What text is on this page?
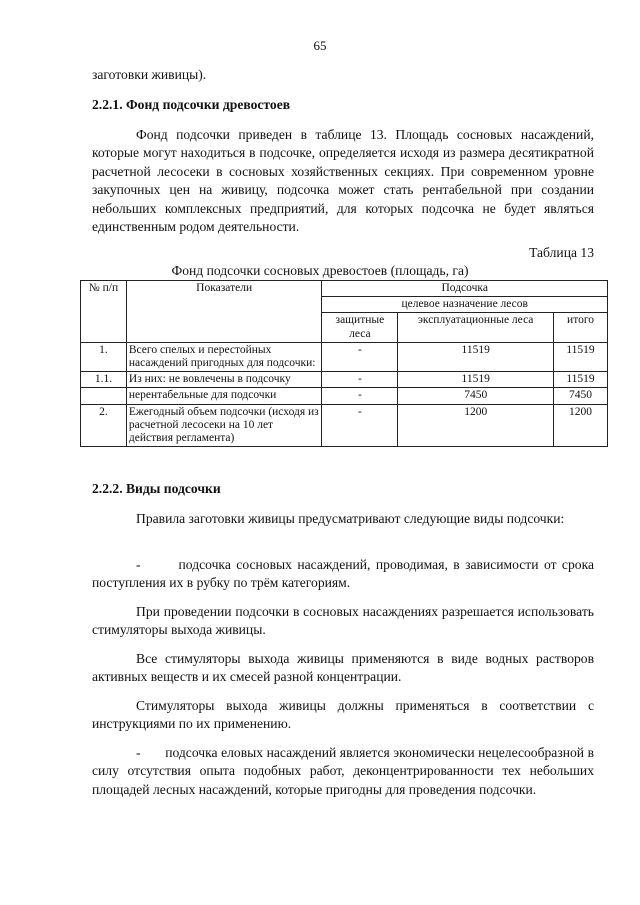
65
заготовки живицы).
2.2.1. Фонд подсочки древостоев
Фонд подсочки приведен в таблице 13. Площадь сосновых насаждений, которые могут находиться в подсочке, определяется исходя из размера десятикратной расчетной лесосеки в сосновых хозяйственных секциях. При современном уровне закупочных цен на живицу, подсочка может стать рентабельной при создании небольших комплексных предприятий, для которых подсочка не будет являться единственным родом деятельности.
Таблица 13
Фонд подсочки сосновых древостоев (площадь, га)
№ п/п	Показатели	Подсочка		
		целевое назначение лесов		
		защитные леса	эксплуатационные леса	итого
1.	Всего спелых и перестойных насаждений пригодных для подсочки:	-	11519	11519
1.1.	Из них: не вовлечены в подсочку	-	11519	11519
	нерентабельные для подсочки	-	7450	7450
2.	Ежегодный объем подсочки (исходя из расчетной лесосеки на 10 лет действия регламента)	-	1200	1200
2.2.2. Виды подсочки
Правила заготовки живицы предусматривают следующие виды подсочки:
-       подсочка сосновых насаждений, проводимая, в зависимости от срока поступления их в рубку по трём категориям.
При проведении подсочки в сосновых насаждениях разрешается использовать стимуляторы выхода живицы.
Все стимуляторы выхода живицы применяются в виде водных растворов активных веществ и их смесей разной концентрации.
Стимуляторы выхода живицы должны применяться в соответствии с инструкциями по их применению.
-       подсочка еловых насаждений является экономически нецелесообразной в силу отсутствия опыта подобных работ, деконцентрированности тех небольших площадей лесных насаждений, которые пригодны для проведения подсочки.
